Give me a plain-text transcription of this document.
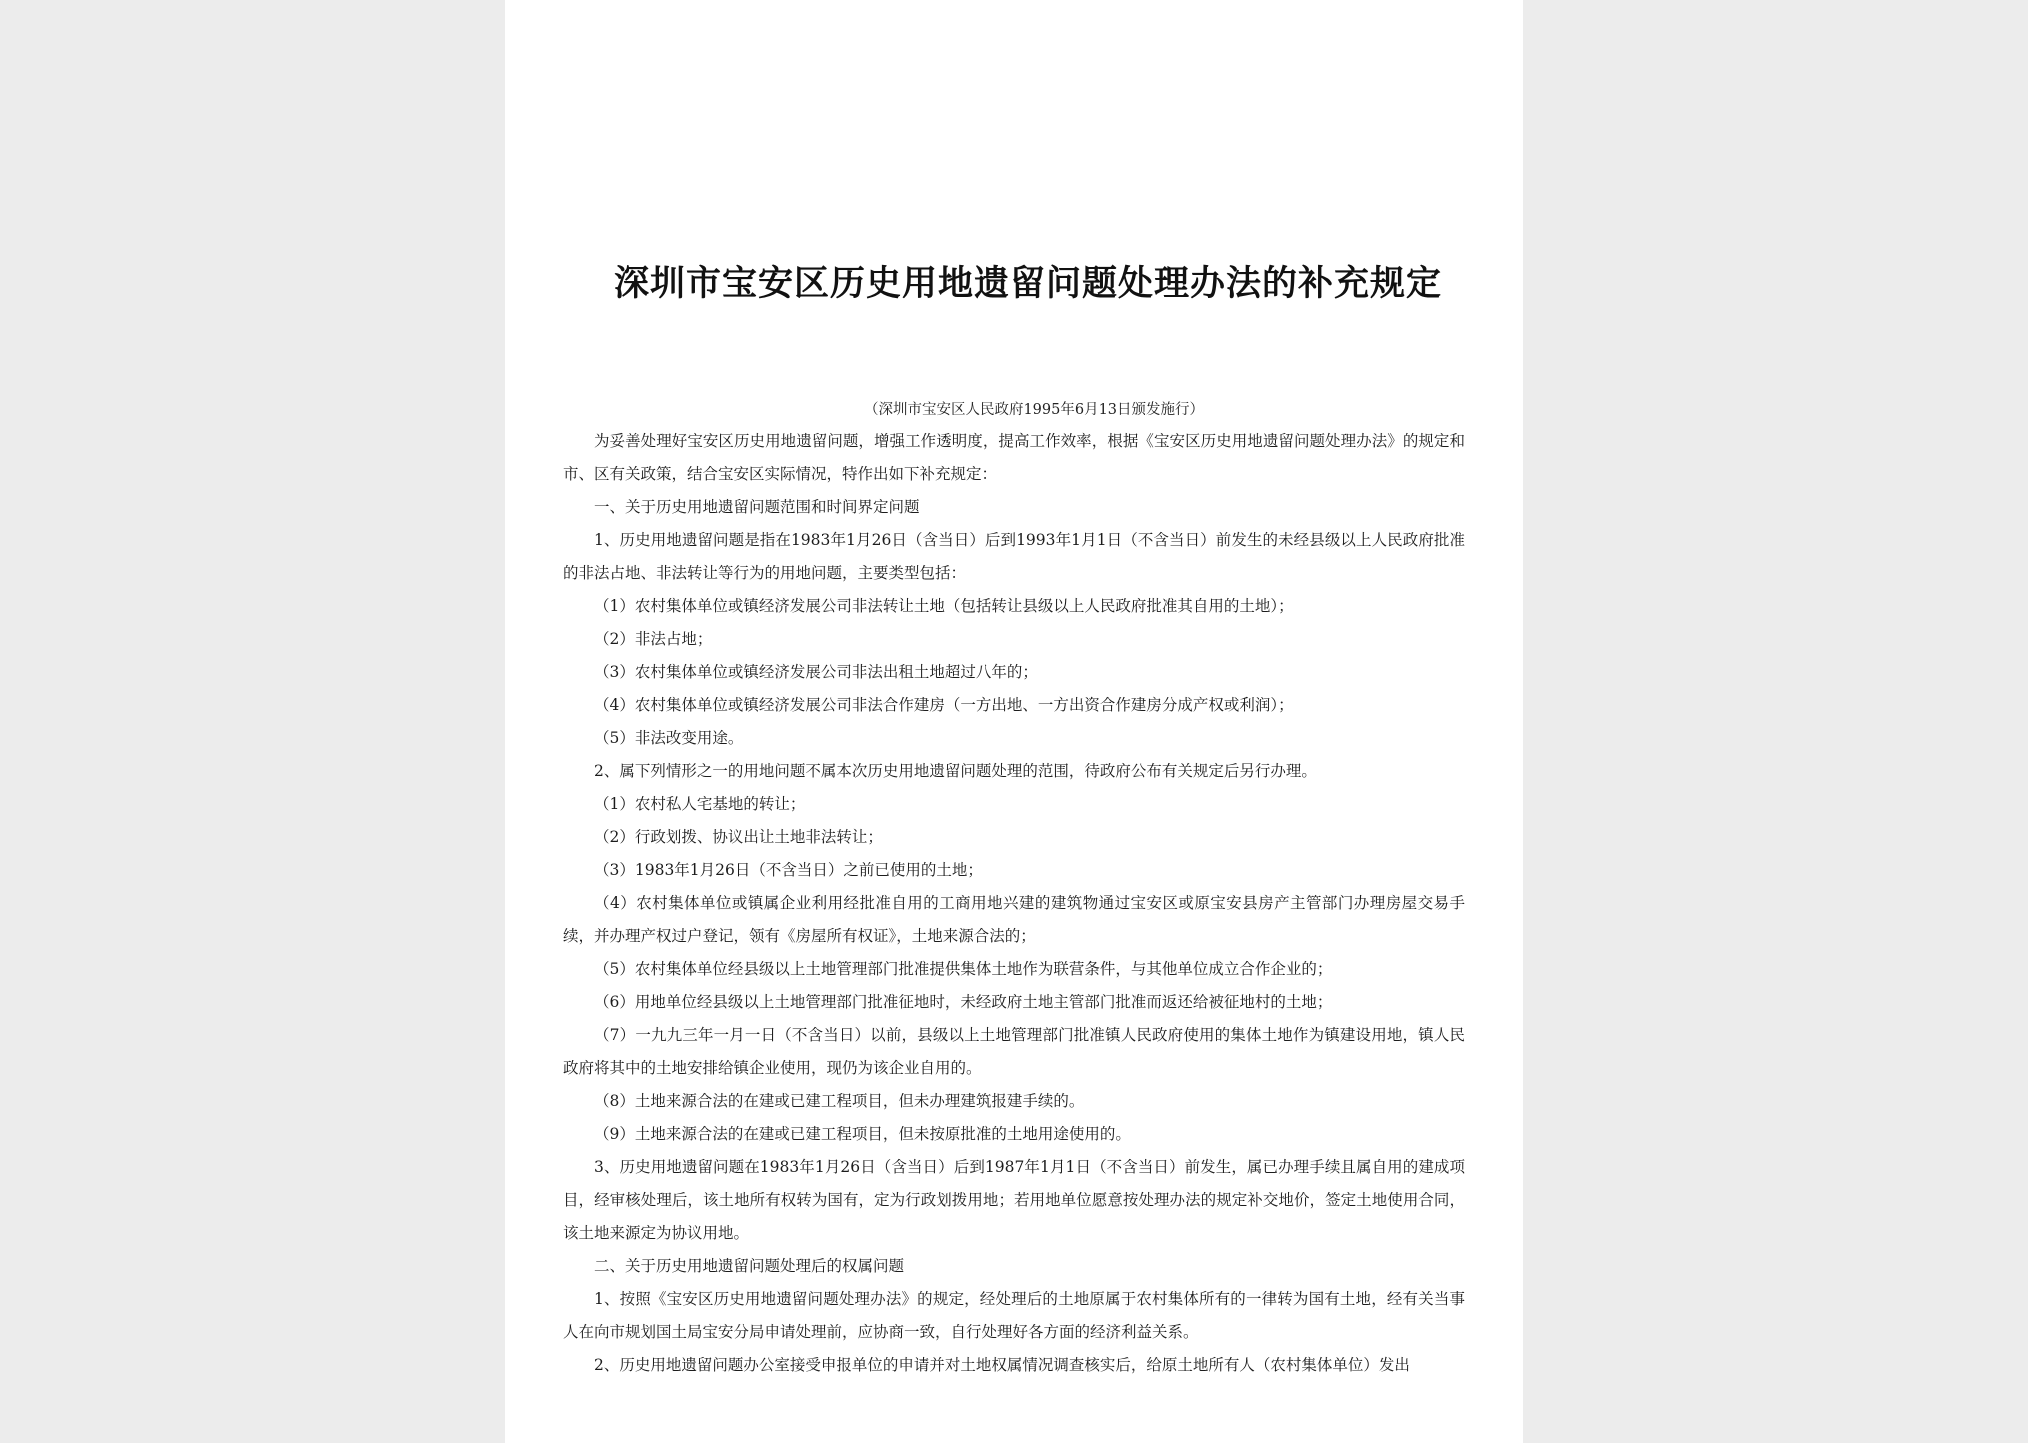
深圳市宝安区历史用地遗留问题处理办法的补充规定
（深圳市宝安区人民政府1995年6月13日颁发施行）

为妥善处理好宝安区历史用地遗留问题，增强工作透明度，提高工作效率，根据《宝安区历史用地遗留问题处理办法》的规定和市、区有关政策，结合宝安区实际情况，特作出如下补充规定：

一、关于历史用地遗留问题范围和时间界定问题

1、历史用地遗留问题是指在1983年1月26日（含当日）后到1993年1月1日（不含当日）前发生的未经县级以上人民政府批准的非法占地、非法转让等行为的用地问题，主要类型包括：

（1）农村集体单位或镇经济发展公司非法转让土地（包括转让县级以上人民政府批准其自用的土地）；

（2）非法占地；

（3）农村集体单位或镇经济发展公司非法出租土地超过八年的；

（4）农村集体单位或镇经济发展公司非法合作建房（一方出地、一方出资合作建房分成产权或利润）；

（5）非法改变用途。

2、属下列情形之一的用地问题不属本次历史用地遗留问题处理的范围，待政府公布有关规定后另行办理。

（1）农村私人宅基地的转让；

（2）行政划拨、协议出让土地非法转让；

（3）1983年1月26日（不含当日）之前已使用的土地；

（4）农村集体单位或镇属企业利用经批准自用的工商用地兴建的建筑物通过宝安区或原宝安县房产主管部门办理房屋交易手续，并办理产权过户登记，领有《房屋所有权证》，土地来源合法的；

（5）农村集体单位经县级以上土地管理部门批准提供集体土地作为联营条件，与其他单位成立合作企业的；

（6）用地单位经县级以上土地管理部门批准征地时，未经政府土地主管部门批准而返还给被征地村的土地；

（7）一九九三年一月一日（不含当日）以前，县级以上土地管理部门批准镇人民政府使用的集体土地作为镇建设用地，镇人民政府将其中的土地安排给镇企业使用，现仍为该企业自用的。

（8）土地来源合法的在建或已建工程项目，但未办理建筑报建手续的。

（9）土地来源合法的在建或已建工程项目，但未按原批准的土地用途使用的。

3、历史用地遗留问题在1983年1月26日（含当日）后到1987年1月1日（不含当日）前发生，属已办理手续且属自用的建成项目，经审核处理后，该土地所有权转为国有，定为行政划拨用地；若用地单位愿意按处理办法的规定补交地价，签定土地使用合同，该土地来源定为协议用地。

二、关于历史用地遗留问题处理后的权属问题

1、按照《宝安区历史用地遗留问题处理办法》的规定，经处理后的土地原属于农村集体所有的一律转为国有土地，经有关当事人在向市规划国土局宝安分局申请处理前，应协商一致，自行处理好各方面的经济利益关系。

2、历史用地遗留问题办公室接受申报单位的申请并对土地权属情况调查核实后，给原土地所有人（农村集体单位）发出
